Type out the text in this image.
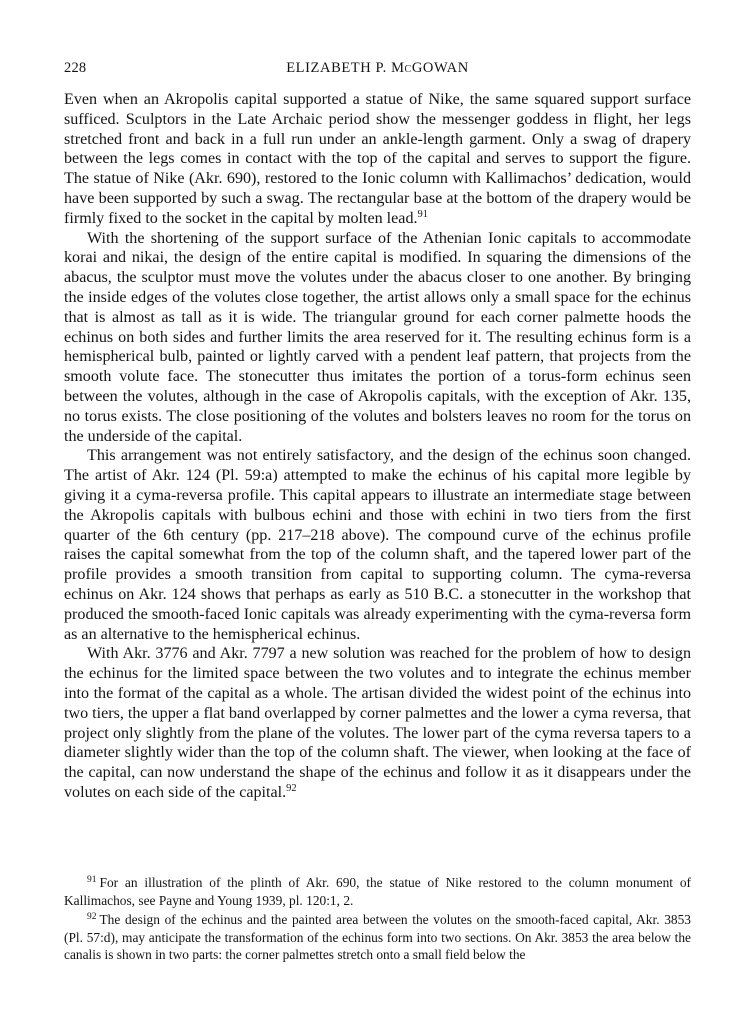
228	ELIZABETH P. McGOWAN

Even when an Akropolis capital supported a statue of Nike, the same squared support surface sufficed. Sculptors in the Late Archaic period show the messenger goddess in flight, her legs stretched front and back in a full run under an ankle-length garment. Only a swag of drapery between the legs comes in contact with the top of the capital and serves to support the figure. The statue of Nike (Akr. 690), restored to the Ionic column with Kallimachos’ dedication, would have been supported by such a swag. The rectangular base at the bottom of the drapery would be firmly fixed to the socket in the capital by molten lead.$^{91}$

With the shortening of the support surface of the Athenian Ionic capitals to accommodate korai and nikai, the design of the entire capital is modified. In squaring the dimensions of the abacus, the sculptor must move the volutes under the abacus closer to one another. By bringing the inside edges of the volutes close together, the artist allows only a small space for the echinus that is almost as tall as it is wide. The triangular ground for each corner palmette hoods the echinus on both sides and further limits the area reserved for it. The resulting echinus form is a hemispherical bulb, painted or lightly carved with a pendent leaf pattern, that projects from the smooth volute face. The stonecutter thus imitates the portion of a torus-form echinus seen between the volutes, although in the case of Akropolis capitals, with the exception of Akr. 135, no torus exists. The close positioning of the volutes and bolsters leaves no room for the torus on the underside of the capital.

This arrangement was not entirely satisfactory, and the design of the echinus soon changed. The artist of Akr. 124 (Pl. 59:a) attempted to make the echinus of his capital more legible by giving it a cyma-reversa profile. This capital appears to illustrate an intermediate stage between the Akropolis capitals with bulbous echini and those with echini in two tiers from the first quarter of the 6th century (pp. 217–218 above). The compound curve of the echinus profile raises the capital somewhat from the top of the column shaft, and the tapered lower part of the profile provides a smooth transition from capital to supporting column. The cyma-reversa echinus on Akr. 124 shows that perhaps as early as 510 B.C. a stonecutter in the workshop that produced the smooth-faced Ionic capitals was already experimenting with the cyma-reversa form as an alternative to the hemispherical echinus.

With Akr. 3776 and Akr. 7797 a new solution was reached for the problem of how to design the echinus for the limited space between the two volutes and to integrate the echinus member into the format of the capital as a whole. The artisan divided the widest point of the echinus into two tiers, the upper a flat band overlapped by corner palmettes and the lower a cyma reversa, that project only slightly from the plane of the volutes. The lower part of the cyma reversa tapers to a diameter slightly wider than the top of the column shaft. The viewer, when looking at the face of the capital, can now understand the shape of the echinus and follow it as it disappears under the volutes on each side of the capital.$^{92}$

$^{91}$ For an illustration of the plinth of Akr. 690, the statue of Nike restored to the column monument of Kallimachos, see Payne and Young 1939, pl. 120:1, 2.

$^{92}$ The design of the echinus and the painted area between the volutes on the smooth-faced capital, Akr. 3853 (Pl. 57:d), may anticipate the transformation of the echinus form into two sections. On Akr. 3853 the area below the canalis is shown in two parts: the corner palmettes stretch onto a small field below the
